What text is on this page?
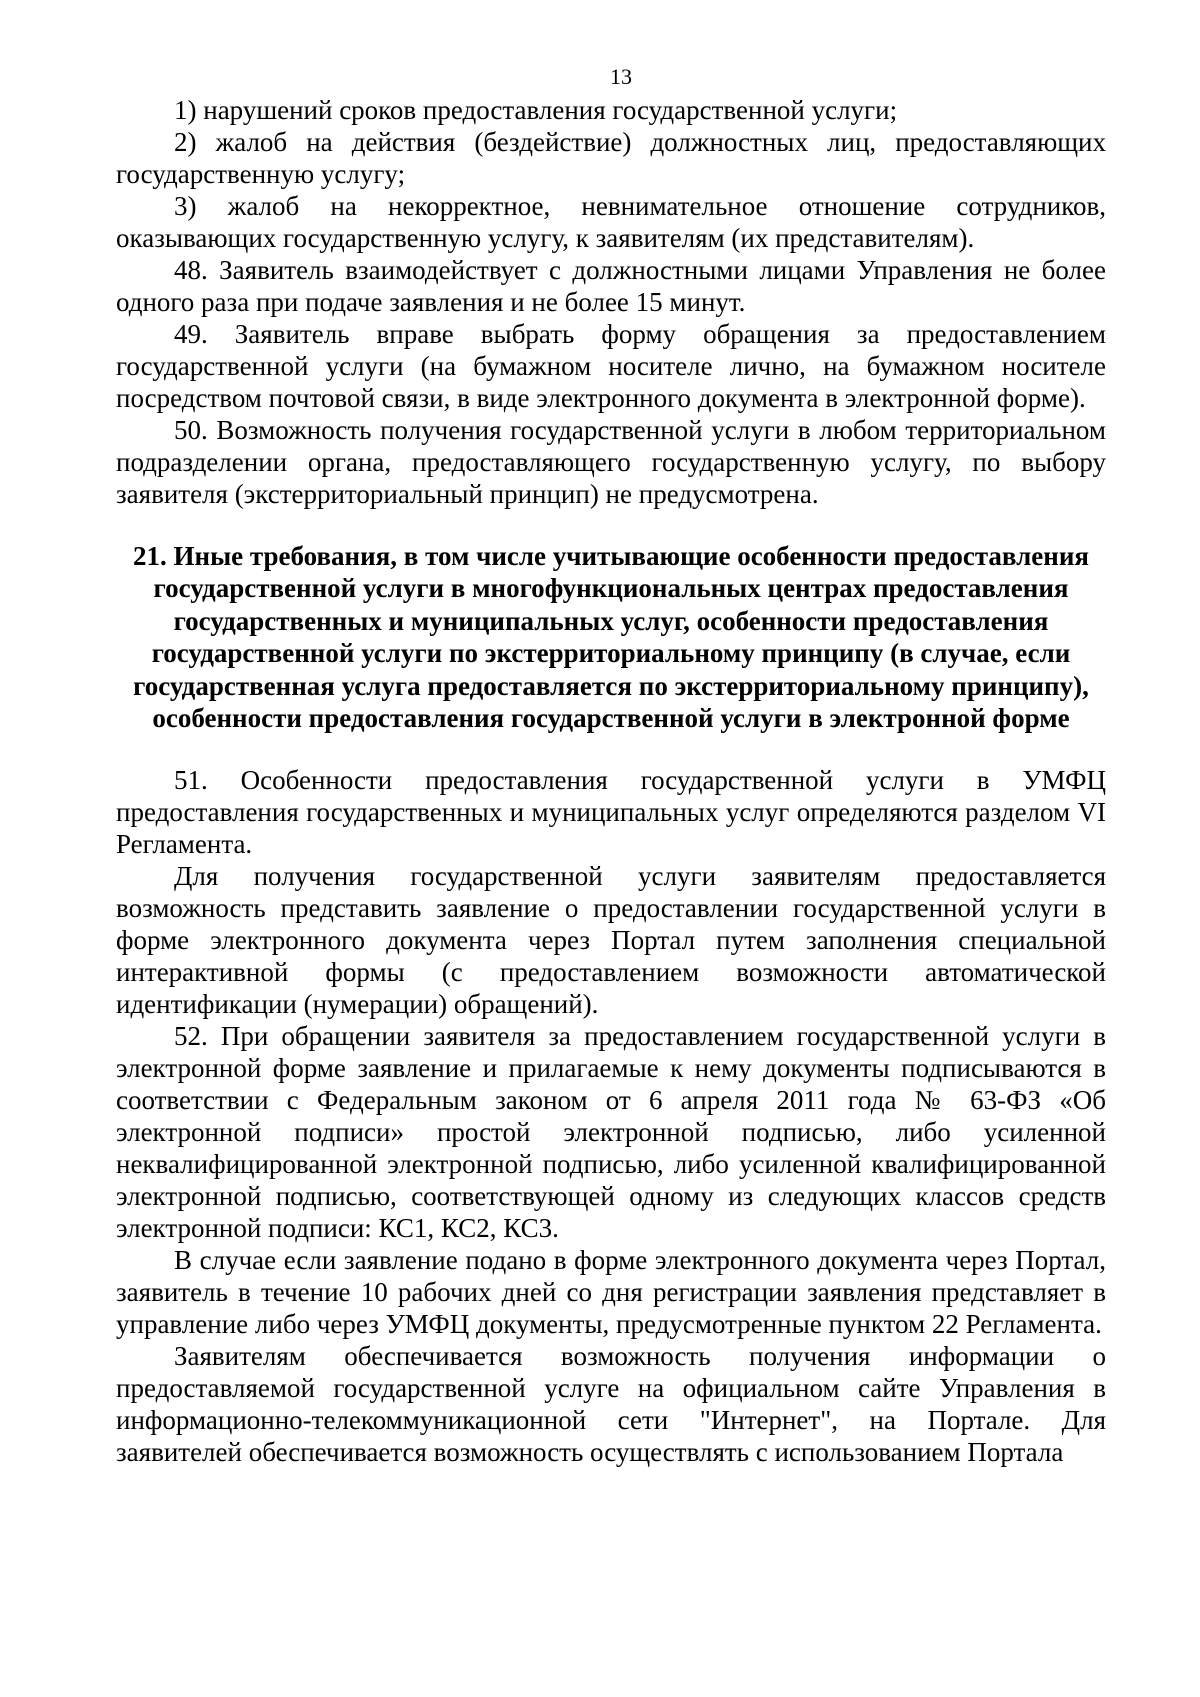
13

1) нарушений сроков предоставления государственной услуги;

2) жалоб на действия (бездействие) должностных лиц, предоставляющих государственную услугу;

3) жалоб на некорректное, невнимательное отношение сотрудников, оказывающих государственную услугу, к заявителям (их представителям).

48. Заявитель взаимодействует с должностными лицами Управления не более одного раза при подаче заявления и не более 15 минут.

49. Заявитель вправе выбрать форму обращения за предоставлением государственной услуги (на бумажном носителе лично, на бумажном носителе посредством почтовой связи, в виде электронного документа в электронной форме).

50. Возможность получения государственной услуги в любом территориальном подразделении органа, предоставляющего государственную услугу, по выбору заявителя (экстерриториальный принцип) не предусмотрена.

21. Иные требования, в том числе учитывающие особенности предоставления
государственной услуги в многофункциональных центрах предоставления
государственных и муниципальных услуг, особенности предоставления
государственной услуги по экстерриториальному принципу (в случае, если
государственная услуга предоставляется по экстерриториальному принципу),
особенности предоставления государственной услуги в электронной форме

51. Особенности предоставления государственной услуги в УМФЦ предоставления государственных и муниципальных услуг определяются разделом VI Регламента.

Для получения государственной услуги заявителям предоставляется возможность представить заявление о предоставлении государственной услуги в форме электронного документа через Портал путем заполнения специальной интерактивной формы (с предоставлением возможности автоматической идентификации (нумерации) обращений).

52. При обращении заявителя за предоставлением государственной услуги в электронной форме заявление и прилагаемые к нему документы подписываются в соответствии с Федеральным законом от 6 апреля 2011 года № 63-ФЗ «Об электронной подписи» простой электронной подписью, либо усиленной неквалифицированной электронной подписью, либо усиленной квалифицированной электронной подписью, соответствующей одному из следующих классов средств электронной подписи: КС1, КС2, КС3.

В случае если заявление подано в форме электронного документа через Портал, заявитель в течение 10 рабочих дней со дня регистрации заявления представляет в управление либо через УМФЦ документы, предусмотренные пунктом 22 Регламента.

Заявителям обеспечивается возможность получения информации о предоставляемой государственной услуге на официальном сайте Управления в информационно-телекоммуникационной сети "Интернет", на Портале. Для заявителей обеспечивается возможность осуществлять с использованием Портала
